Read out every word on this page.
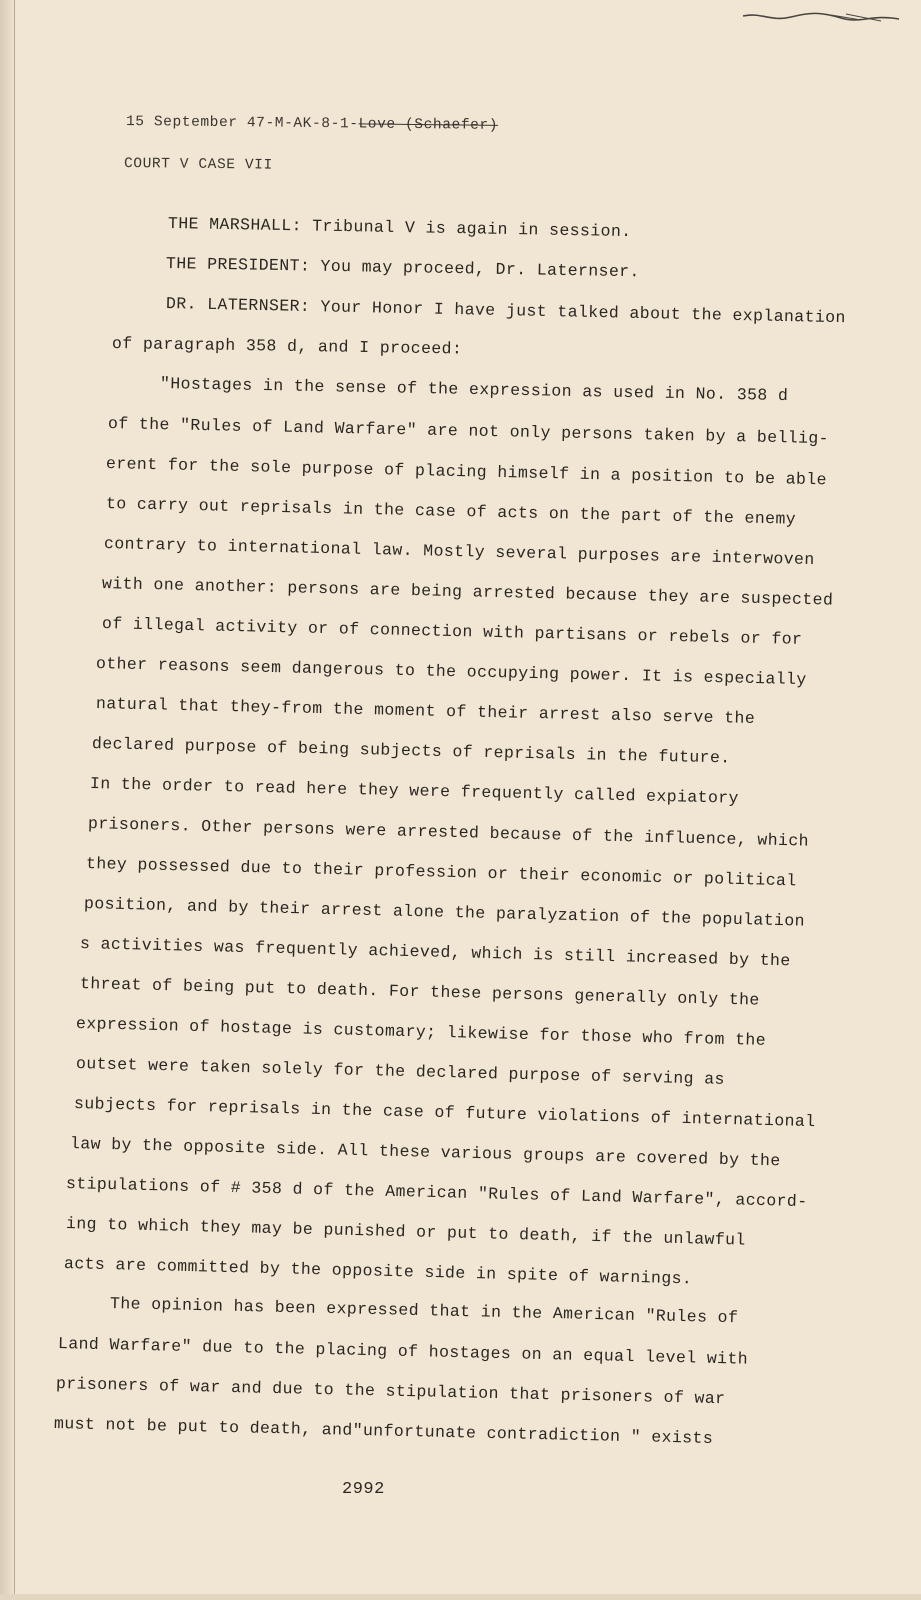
15 September 47-M-AK-8-1-Love (Schaefer)
COURT V CASE VII
THE MARSHALL: Tribunal V is again in session.
THE PRESIDENT: You may proceed, Dr. Laternser.
DR. LATERNSER: Your Honor I have just talked about the explanation
of paragraph 358 d, and I proceed:
"Hostages in the sense of the expression as used in No. 358 d
of the "Rules of Land Warfare" are not only persons taken by a bellig-
erent for the sole purpose of placing himself in a position to be able
to carry out reprisals in the case of acts on the part of the enemy
contrary to international law. Mostly several purposes are interwoven
with one another: persons are being arrested because they are suspected
of illegal activity or of connection with partisans or rebels or for
other reasons seem dangerous to the occupying power. It is especially
natural that they-from the moment of their arrest also serve the
declared purpose of being subjects of reprisals in the future.
In the order to read here they were frequently called expiatory
prisoners. Other persons were arrested because of the influence, which
they possessed due to their profession or their economic or political
position, and by their arrest alone the paralyzation of the population
s activities was frequently achieved, which is still increased by the
threat of being put to death. For these persons generally only the
expression of hostage is customary; likewise for those who from the
outset were taken solely for the declared purpose of serving as
subjects for reprisals in the case of future violations of international
law by the opposite side. All these various groups are covered by the
stipulations of # 358 d of the American "Rules of Land Warfare", accord-
ing to which they may be punished or put to death, if the unlawful
acts are committed by the opposite side in spite of warnings.
The opinion has been expressed that in the American "Rules of
Land Warfare" due to the placing of hostages on an equal level with
prisoners of war and due to the stipulation that prisoners of war
must not be put to death, and"unfortunate contradiction " exists
2992
